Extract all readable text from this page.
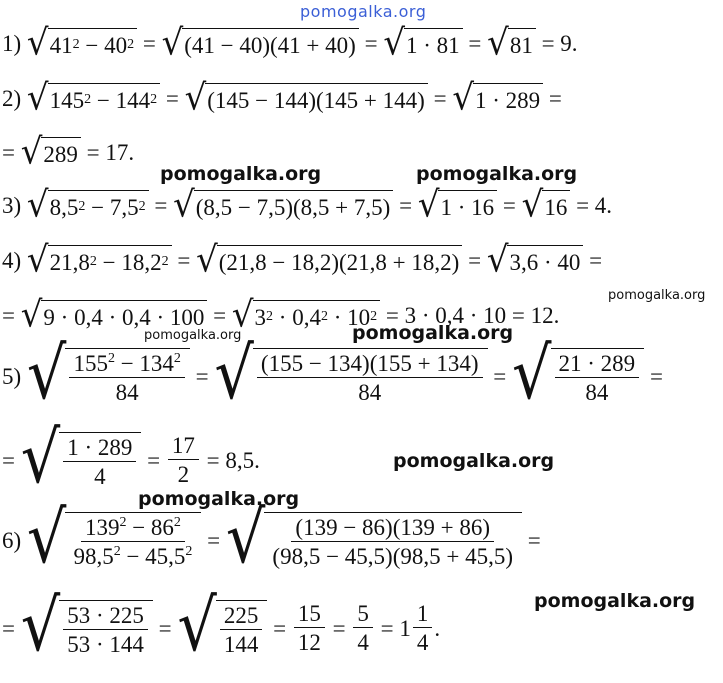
pomogalka.org
pomogalka.org	pomogalka.org
pomogalka.org
pomogalka.org	pomogalka.org
pomogalka.org
pomogalka.org
pomogalka.org
1)
√ 41 2 − 40 2 = √ (41 − 40)(41 + 40) = √ 1 · 81 = √ 81
= 9.
2)
√ 145 2 − 144 2 = √ (145 − 144)(145 + 144) = √ 1 · 289 =
= √ 289
= 17.
3)
√ 8,5 2 − 7,5 2 = √ (8,5 − 7,5)(8,5 + 7,5) = √ 1 · 16 = √ 16
= 4.
4)
√ 21,8 2 − 18,2 2 = √ (21,8 − 18,2)(21,8 + 18,2) = √ 3,6 · 40 =
= √ 9 · 0,4 · 0,4 · 100 = √ 3 2 · 0,4 2 · 10 2
= 3 · 0,4 · 10 = 12.
5)
√ $\frac{155^2 - 134^2}{84}$ = √ $\frac{(155 - 134)(155 + 134)}{84}$ = √ $\frac{21 \cdot 289}{84}$ =
= √ $\frac{1 \cdot 289}{4} = \frac{17}{2}$
= 8,5.
6)
√ $\frac{139^2 - 86^2}{98,5^2 - 45,5^2}$ = √ $\frac{(139 - 86)(139 + 86)}{(98,5 - 45,5)(98,5 + 45,5)}$ =
= √ $\frac{53 \cdot 225}{53 \cdot 144}$ = √ $\frac{225}{144} = \frac{15}{12} = \frac{5}{4} = 1 \frac{1}{4}$ .
